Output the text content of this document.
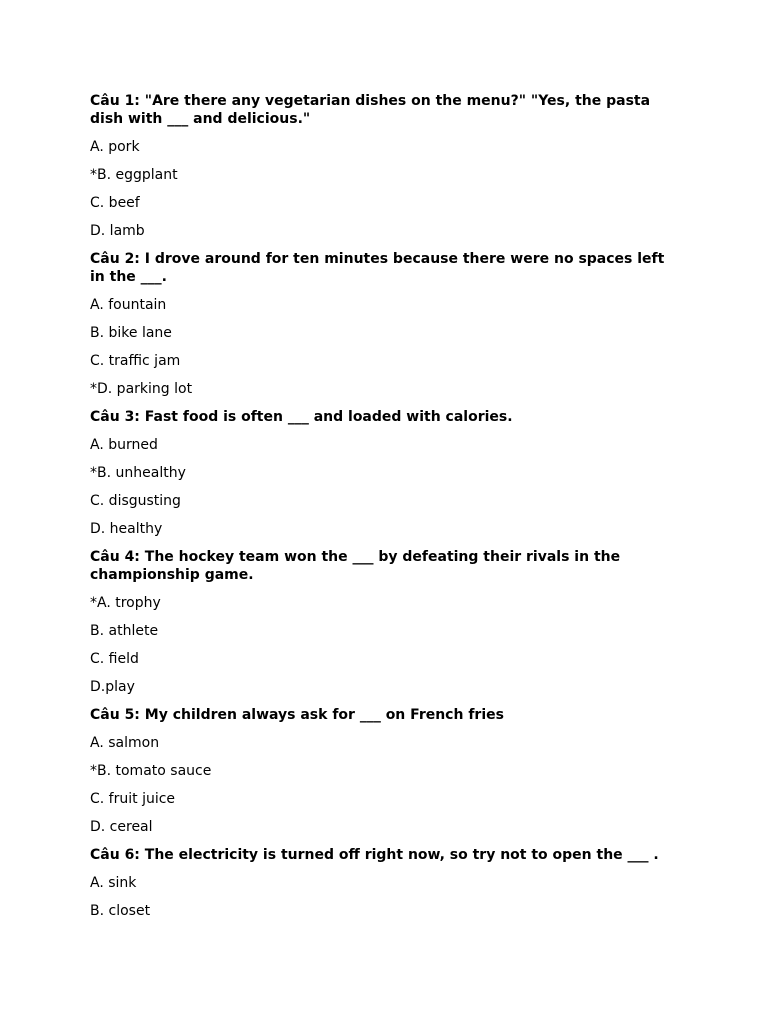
Câu 1: "Are there any vegetarian dishes on the menu?" "Yes, the pasta dish with ___ and delicious."

A. pork

*B. eggplant

C. beef

D. lamb

Câu 2: I drove around for ten minutes because there were no spaces left in the ___.

A. fountain

B. bike lane

C. traffic jam

*D. parking lot

Câu 3: Fast food is often ___ and loaded with calories.

A. burned

*B. unhealthy

C. disgusting

D. healthy

Câu 4: The hockey team won the ___ by defeating their rivals in the championship game.

*A. trophy

B. athlete

C. field

D.play

Câu 5: My children always ask for ___ on French fries

A. salmon

*B. tomato sauce

C. fruit juice

D. cereal

Câu 6: The electricity is turned off right now, so try not to open the ___ .

A. sink

B. closet
